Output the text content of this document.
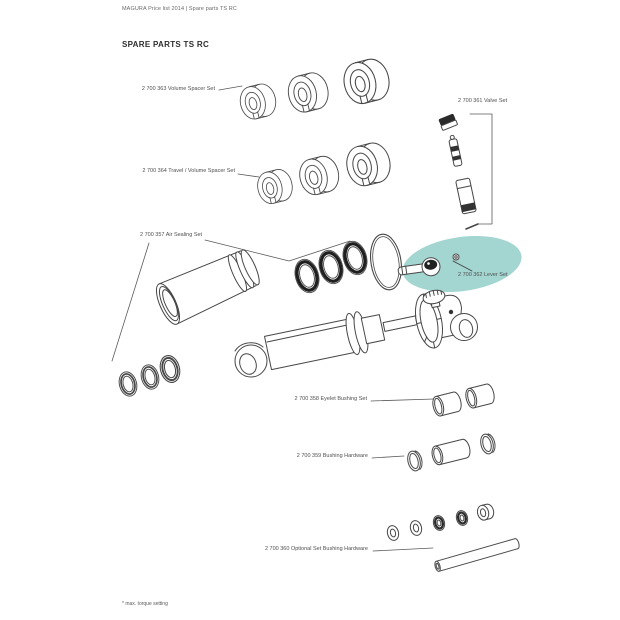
MAGURA Price list 2014 | Spare parts TS RC
SPARE PARTS TS RC
2 700 363 Volume Spacer Set
2 700 364 Travel / Volume Spacer Set
2 700 357 Air Sealing Set
2 700 361 Valve Set
2 700 362 Lever Set
2 700 358 Eyelet Bushing Set
2 700 359 Bushing Hardware
2 700 360 Optional Set Bushing Hardware
* max. torque setting
